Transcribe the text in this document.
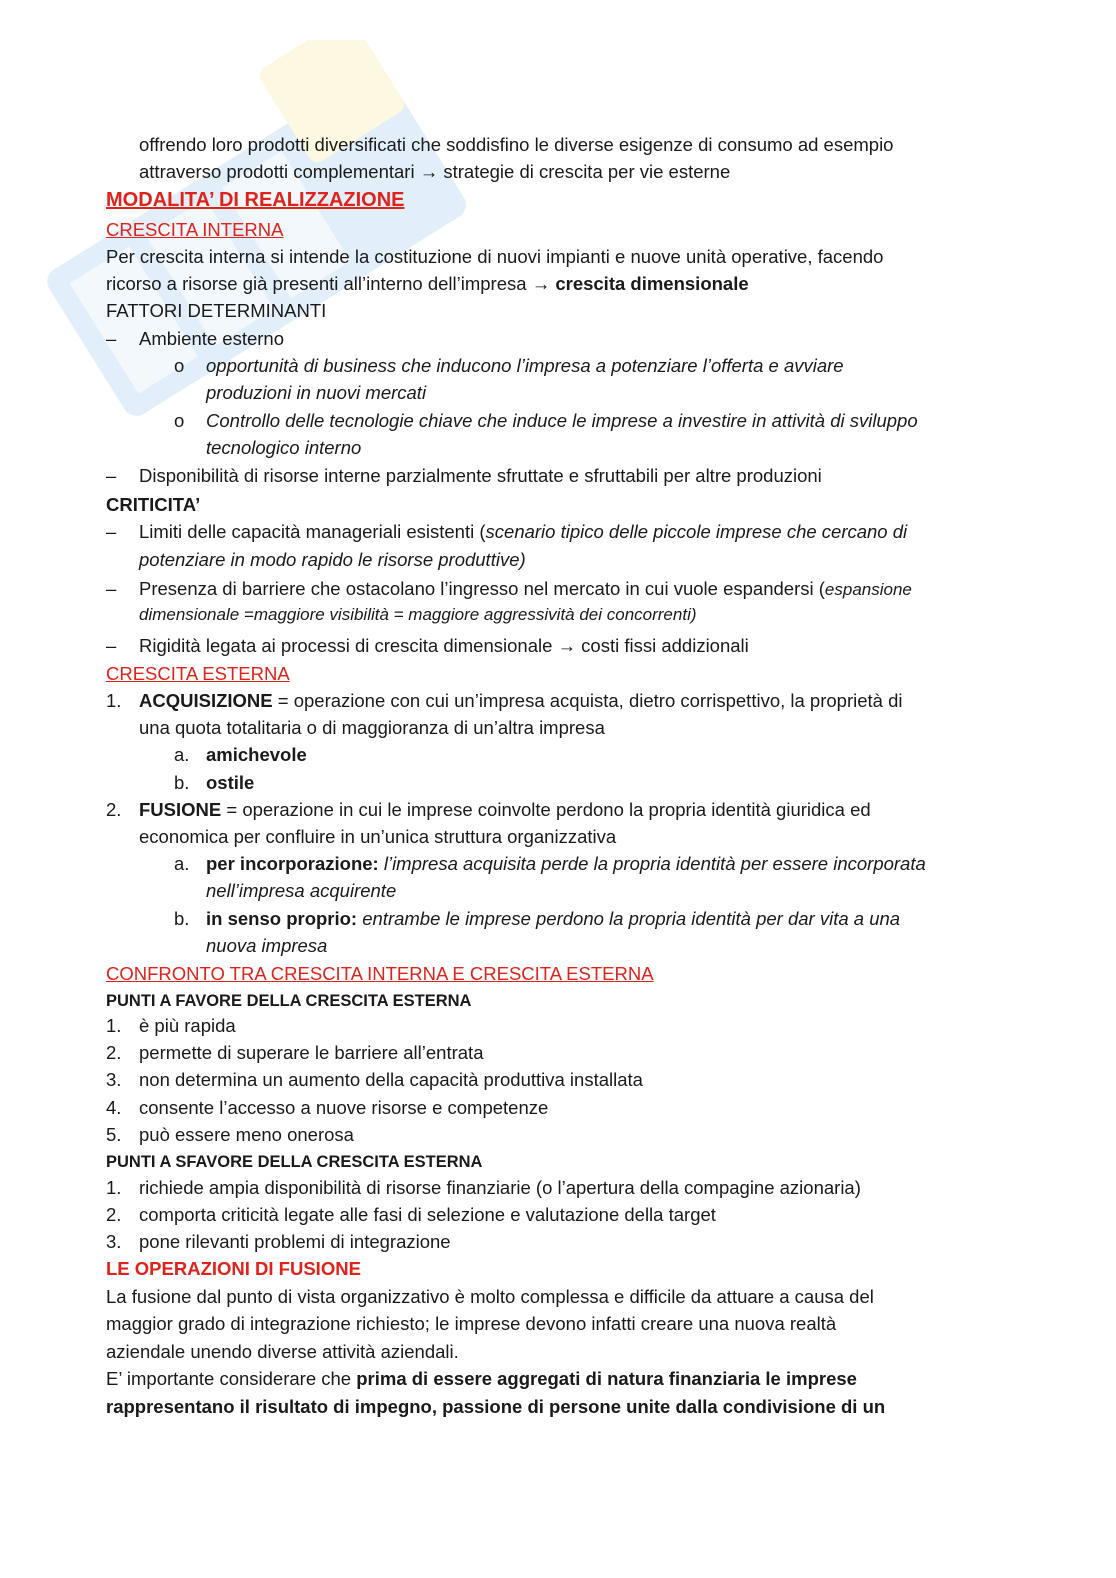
offrendo loro prodotti diversificati che soddisfino le diverse esigenze di consumo ad esempio
attraverso prodotti complementari → strategie di crescita per vie esterne
MODALITA’ DI REALIZZAZIONE
CRESCITA INTERNA
Per crescita interna si intende la costituzione di nuovi impianti e nuove unità operative, facendo
ricorso a risorse già presenti all’interno dell’impresa → crescita dimensionale
FATTORI DETERMINANTI
– Ambiente esterno
o opportunità di business che inducono l’impresa a potenziare l’offerta e avviare
produzioni in nuovi mercati
o Controllo delle tecnologie chiave che induce le imprese a investire in attività di sviluppo
tecnologico interno
– Disponibilità di risorse interne parzialmente sfruttate e sfruttabili per altre produzioni
CRITICITA’
– Limiti delle capacità manageriali esistenti (scenario tipico delle piccole imprese che cercano di
potenziare in modo rapido le risorse produttive)
– Presenza di barriere che ostacolano l’ingresso nel mercato in cui vuole espandersi (espansione
dimensionale =maggiore visibilità = maggiore aggressività dei concorrenti)
– Rigidità legata ai processi di crescita dimensionale → costi fissi addizionali
CRESCITA ESTERNA
1. ACQUISIZIONE = operazione con cui un’impresa acquista, dietro corrispettivo, la proprietà di
una quota totalitaria o di maggioranza di un’altra impresa
a. amichevole
b. ostile
2. FUSIONE = operazione in cui le imprese coinvolte perdono la propria identità giuridica ed
economica per confluire in un’unica struttura organizzativa
a. per incorporazione: l’impresa acquisita perde la propria identità per essere incorporata
nell’impresa acquirente
b. in senso proprio: entrambe le imprese perdono la propria identità per dar vita a una
nuova impresa
CONFRONTO TRA CRESCITA INTERNA E CRESCITA ESTERNA
PUNTI A FAVORE DELLA CRESCITA ESTERNA
1. è più rapida
2. permette di superare le barriere all’entrata
3. non determina un aumento della capacità produttiva installata
4. consente l’accesso a nuove risorse e competenze
5. può essere meno onerosa
PUNTI A SFAVORE DELLA CRESCITA ESTERNA
1. richiede ampia disponibilità di risorse finanziarie (o l’apertura della compagine azionaria)
2. comporta criticità legate alle fasi di selezione e valutazione della target
3. pone rilevanti problemi di integrazione
LE OPERAZIONI DI FUSIONE
La fusione dal punto di vista organizzativo è molto complessa e difficile da attuare a causa del
maggior grado di integrazione richiesto; le imprese devono infatti creare una nuova realtà
aziendale unendo diverse attività aziendali.
E’ importante considerare che prima di essere aggregati di natura finanziaria le imprese
rappresentano il risultato di impegno, passione di persone unite dalla condivisione di un
